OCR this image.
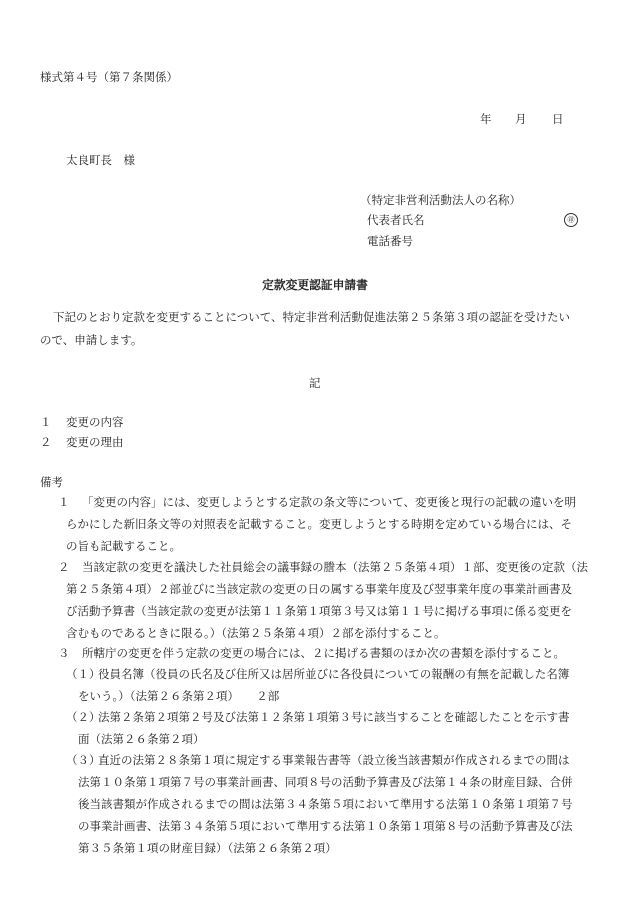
様式第４号（第７条関係）
年 月 日
太良町長　様
（特定非営利活動法人の名称）
代表者氏名	㊞
電話番号
定款変更認証申請書
下記のとおり定款を変更することについて、特定非営利活動促進法第２５条第３項の認証を受けたい
ので、申請します。
記
１ 変更の内容
２ 変更の理由
備考
１ 「変更の内容」には、変更しようとする定款の条文等について、変更後と現行の記載の違いを明
らかにした新旧条文等の対照表を記載すること。変更しようとする時期を定めている場合には、そ
の旨も記載すること。
２ 当該定款の変更を議決した社員総会の議事録の謄本（法第２５条第４項）１部、変更後の定款（法
第２５条第４項）２部並びに当該定款の変更の日の属する事業年度及び翌事業年度の事業計画書及
び活動予算書（当該定款の変更が法第１１条第１項第３号又は第１１号に掲げる事項に係る変更を
含むものであるときに限る。）（法第２５条第４項）２部を添付すること。
３ 所轄庁の変更を伴う定款の変更の場合には、２に掲げる書類のほか次の書類を添付すること。
（１）
役員名簿（役員の氏名及び住所又は居所並びに各役員についての報酬の有無を記載した名簿
をいう。）（法第２６条第２項）　　２部
（２）
法第２条第２項第２号及び法第１２条第１項第３号に該当することを確認したことを示す書
面（法第２６条第２項）
（３）
直近の法第２８条第１項に規定する事業報告書等（設立後当該書類が作成されるまでの間は
法第１０条第１項第７号の事業計画書、同項８号の活動予算書及び法第１４条の財産目録、合併
後当該書類が作成されるまでの間は法第３４条第５項において準用する法第１０条第１項第７号
の事業計画書、法第３４条第５項において準用する法第１０条第１項第８号の活動予算書及び法
第３５条第１項の財産目録）（法第２６条第２項）
